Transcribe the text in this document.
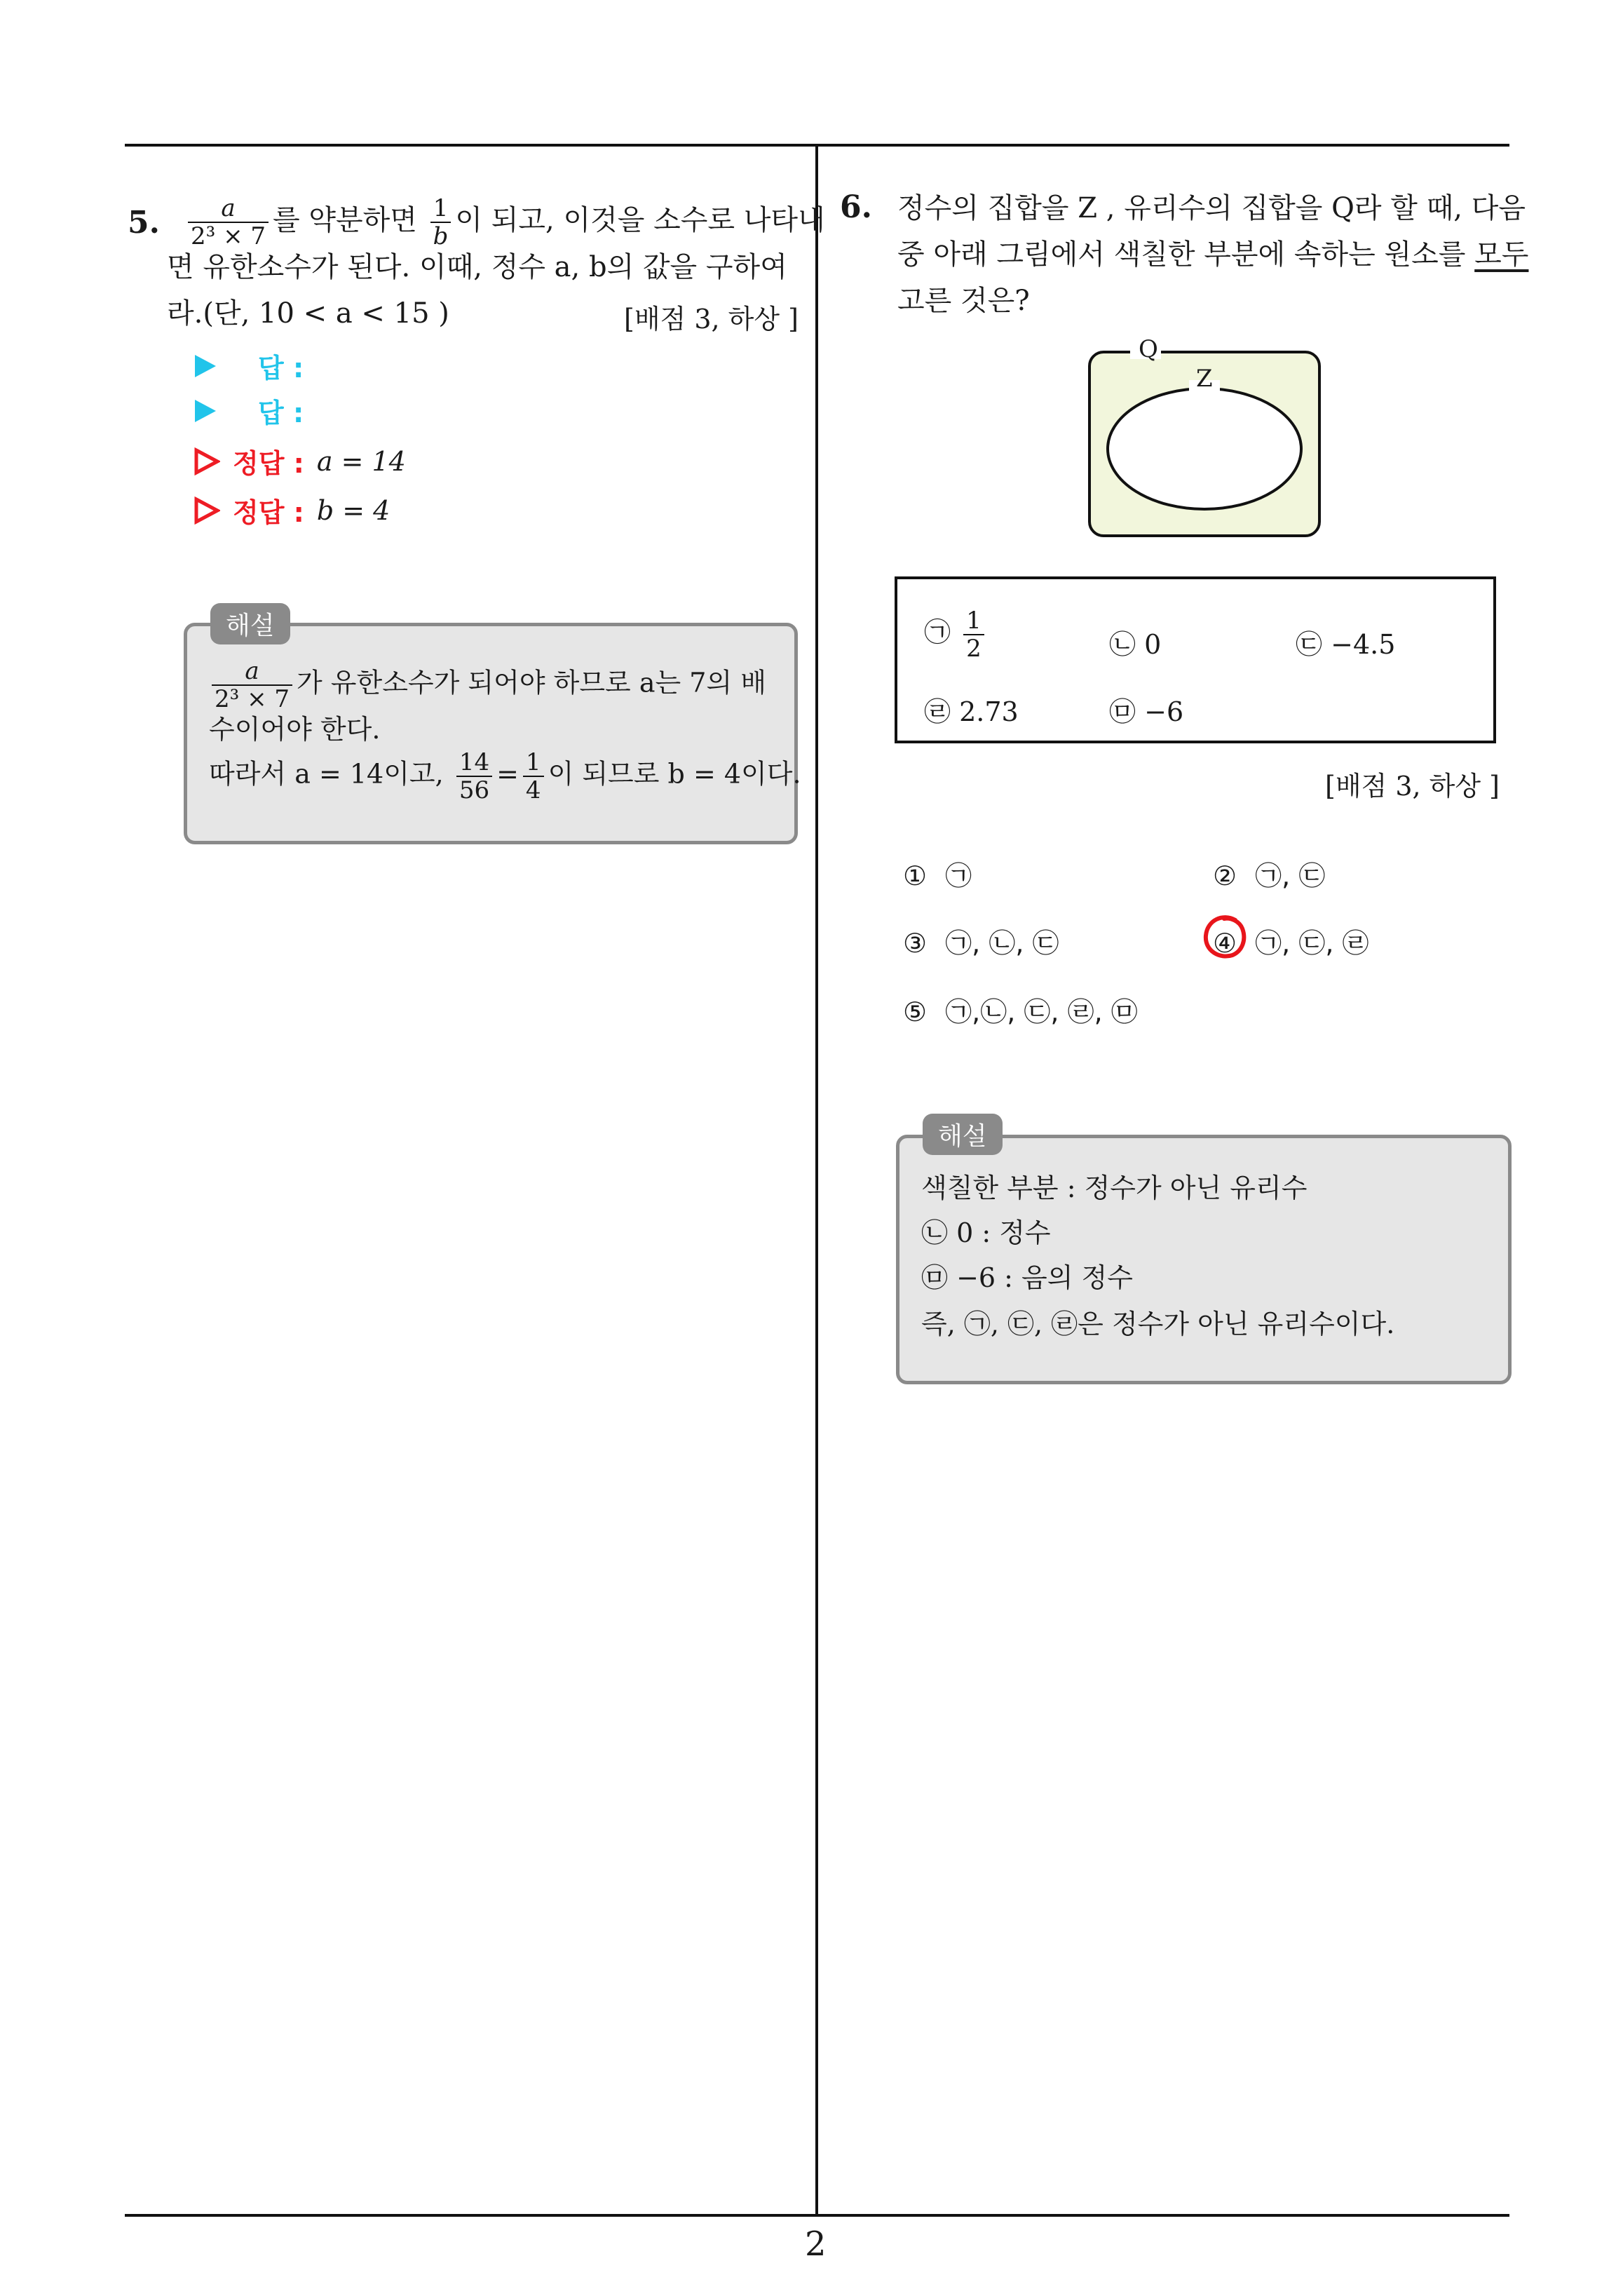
5. $\frac{a}{\text{2³ × 7}}$ 를 약분하면 $\frac{1}{b}$ 이 되고, 이것을 소수로 나타내
면 유한소수가 된다. 이때, 정수 a, b의 값을 구하여
라.(단, 10 < a < 15 )	[배점 3, 하상 ]
답 :
답 :
정답 : a = 14
정답 : b = 4
해설
$\frac{a}{\text{2³ × 7}}$ 가 유한소수가 되어야 하므로 a는 7의 배
수이어야 한다.
따라서 a = 14이고, $\frac{14}{56} = \frac{1}{4}$ 이 되므로 b = 4이다.
6. 정수의 집합을 Z , 유리수의 집합을 Q라 할 때, 다음
중 아래 그림에서 색칠한 부분에 속하는 원소를 모두
고른 것은?
Q
Z
㉠ $\frac{1}{2}$	㉡ 0	㉢ −4.5
㉣ 2.73	㉤ −6
[배점 3, 하상 ]
① ㉠	② ㉠, ㉢
③ ㉠, ㉡, ㉢	④ ㉠, ㉢, ㉣
⑤ ㉠,㉡, ㉢, ㉣, ㉤
해설
색칠한 부분 : 정수가 아닌 유리수
㉡ 0 : 정수
㉤ −6 : 음의 정수
즉, ㉠, ㉢, ㉣은 정수가 아닌 유리수이다.
2
